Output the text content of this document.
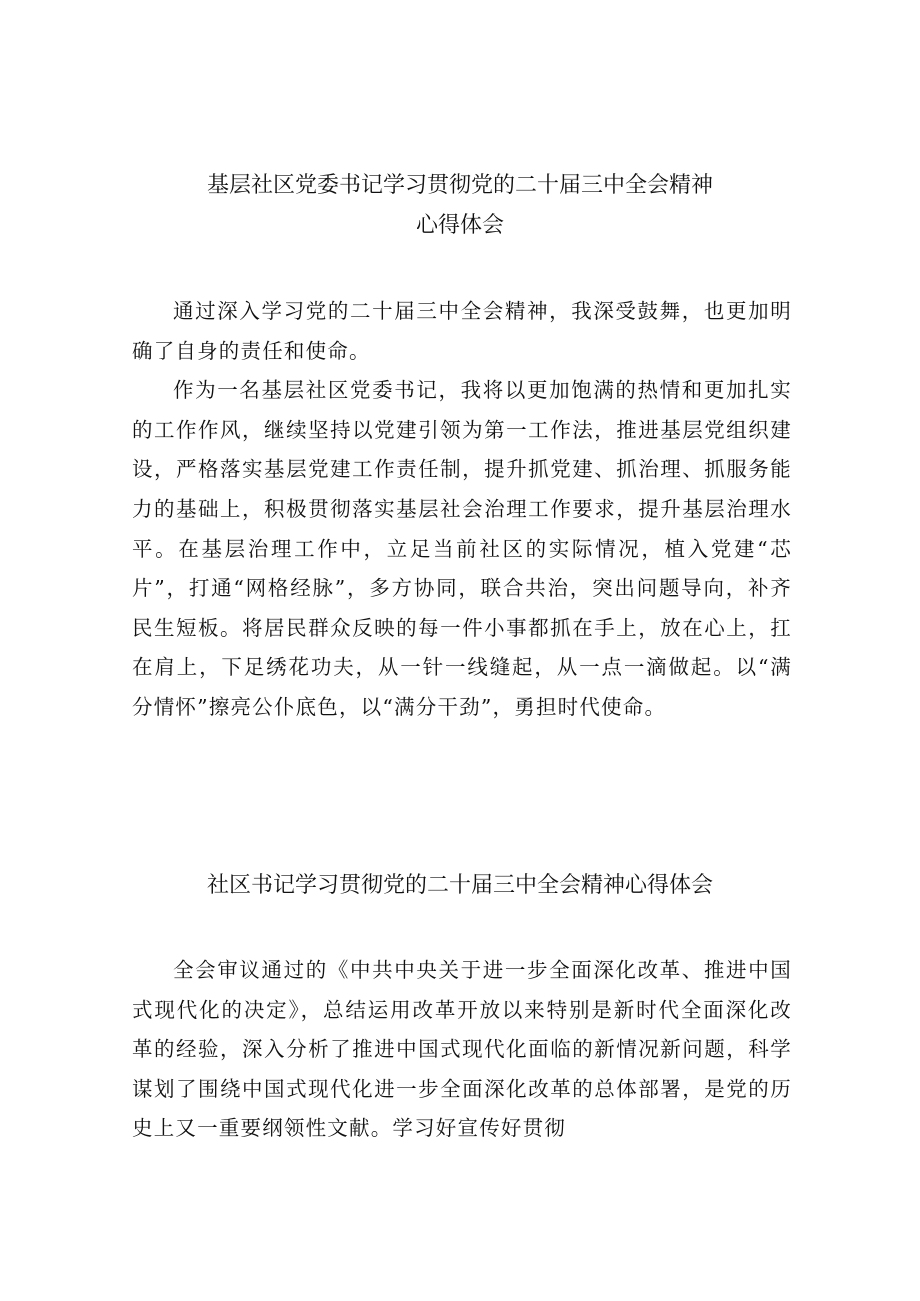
基层社区党委书记学习贯彻党的二十届三中全会精神
心得体会

通过深入学习党的二十届三中全会精神，我深受鼓舞，也更加明确了自身的责任和使命。

作为一名基层社区党委书记，我将以更加饱满的热情和更加扎实的工作作风，继续坚持以党建引领为第一工作法，推进基层党组织建设，严格落实基层党建工作责任制，提升抓党建、抓治理、抓服务能力的基础上，积极贯彻落实基层社会治理工作要求，提升基层治理水平。在基层治理工作中，立足当前社区的实际情况，植入党建“芯片”，打通“网格经脉”，多方协同，联合共治，突出问题导向，补齐民生短板。将居民群众反映的每一件小事都抓在手上，放在心上，扛在肩上，下足绣花功夫，从一针一线缝起，从一点一滴做起。以“满分情怀”擦亮公仆底色，以“满分干劲”，勇担时代使命。

社区书记学习贯彻党的二十届三中全会精神心得体会

全会审议通过的《中共中央关于进一步全面深化改革、推进中国式现代化的决定》，总结运用改革开放以来特别是新时代全面深化改革的经验，深入分析了推进中国式现代化面临的新情况新问题，科学谋划了围绕中国式现代化进一步全面深化改革的总体部署，是党的历史上又一重要纲领性文献。学习好宣传好贯彻
